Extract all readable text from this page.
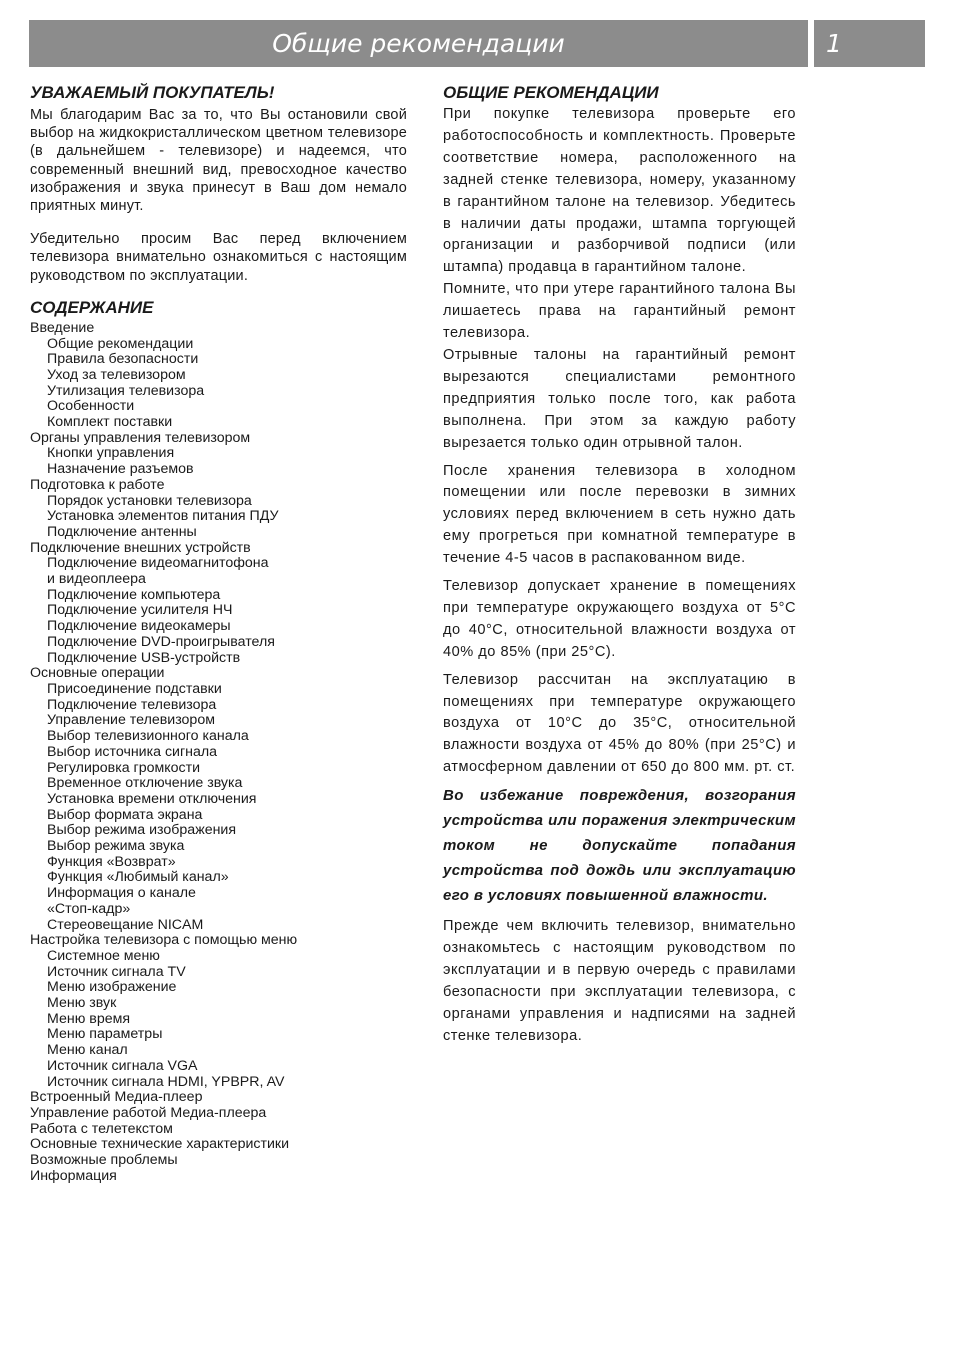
Общие рекомендации	1
УВАЖАЕМЫЙ ПОКУПАТЕЛЬ!

Мы благодарим Вас за то, что Вы остановили свой выбор на жидкокристаллическом цветном телевизоре (в дальнейшем - телевизоре) и надеемся, что современный внешний вид, превосходное качество изображения и звука принесут в Ваш дом немало приятных минут.

Убедительно просим Вас перед включением телевизора внимательно ознакомиться с настоящим руководством по эксплуатации.

СОДЕРЖАНИЕ
Введение
Общие рекомендации
Правила безопасности
Уход за телевизором
Утилизация телевизора
Особенности
Комплект поставки
Органы управления телевизором
Кнопки управления
Назначение разъемов
Подготовка к работе
Порядок установки телевизора
Установка элементов питания ПДУ
Подключение антенны
Подключение внешних устройств
Подключение видеомагнитофона
и видеоплеера
Подключение компьютера
Подключение усилителя НЧ
Подключение видеокамеры
Подключение DVD-проигрывателя
Подключение USB-устройств
Основные операции
Присоединение подставки
Подключение телевизора
Управление телевизором
Выбор телевизионного канала
Выбор источника сигнала
Регулировка громкости
Временное отключение звука
Установка времени отключения
Выбор формата экрана
Выбор режима изображения
Выбор режима звука
Функция «Возврат»
Функция «Любимый канал»
Информация о канале
«Стоп-кадр»
Стереовещание NICAM
Настройка телевизора с помощью меню
Системное меню
Источник сигнала TV
Меню изображение
Меню звук
Меню время
Меню параметры
Меню канал
Источник сигнала VGA
Источник сигнала HDMI, YPBPR, AV
Встроенный Медиа-плеер
Управление работой Медиа-плеера
Работа с телетекстом
Основные технические характеристики
Возможные проблемы
Информация
ОБЩИЕ РЕКОМЕНДАЦИИ

При покупке телевизора проверьте его работоспособность и комплектность. Проверьте соответствие номера, расположенного на задней стенке телевизора, номеру, указанному в гарантийном талоне на телевизор. Убедитесь в наличии даты продажи, штампа торгующей организации и разборчивой подписи (или штампа) продавца в гарантийном талоне.

Помните, что при утере гарантийного талона Вы лишаетесь права на гарантийный ремонт телевизора.

Отрывные талоны на гарантийный ремонт вырезаются специалистами ремонтного предприятия только после того, как работа выполнена. При этом за каждую работу вырезается только один отрывной талон.

После хранения телевизора в холодном помещении или после перевозки в зимних условиях перед включением в сеть нужно дать ему прогреться при комнатной температуре в течение 4-5 часов в распакованном виде.

Телевизор допускает хранение в помещениях при температуре окружающего воздуха от 5°С до 40°С, относительной влажности воздуха от 40% до 85% (при 25°С).

Телевизор рассчитан на эксплуатацию в помещениях при температуре окружающего воздуха от 10°С до 35°С, относительной влажности воздуха от 45% до 80% (при 25°С) и атмосферном давлении от 650 до 800 мм. рт. ст.

Во избежание повреждения, возгорания устройства или поражения электрическим током не допускайте попадания устройства под дождь или эксплуатацию его в условиях повышенной влажности.

Прежде чем включить телевизор, внимательно ознакомьтесь с настоящим руководством по эксплуатации и в первую очередь с правилами безопасности при эксплуатации телевизора, с органами управления и надписями на задней стенке телевизора.
